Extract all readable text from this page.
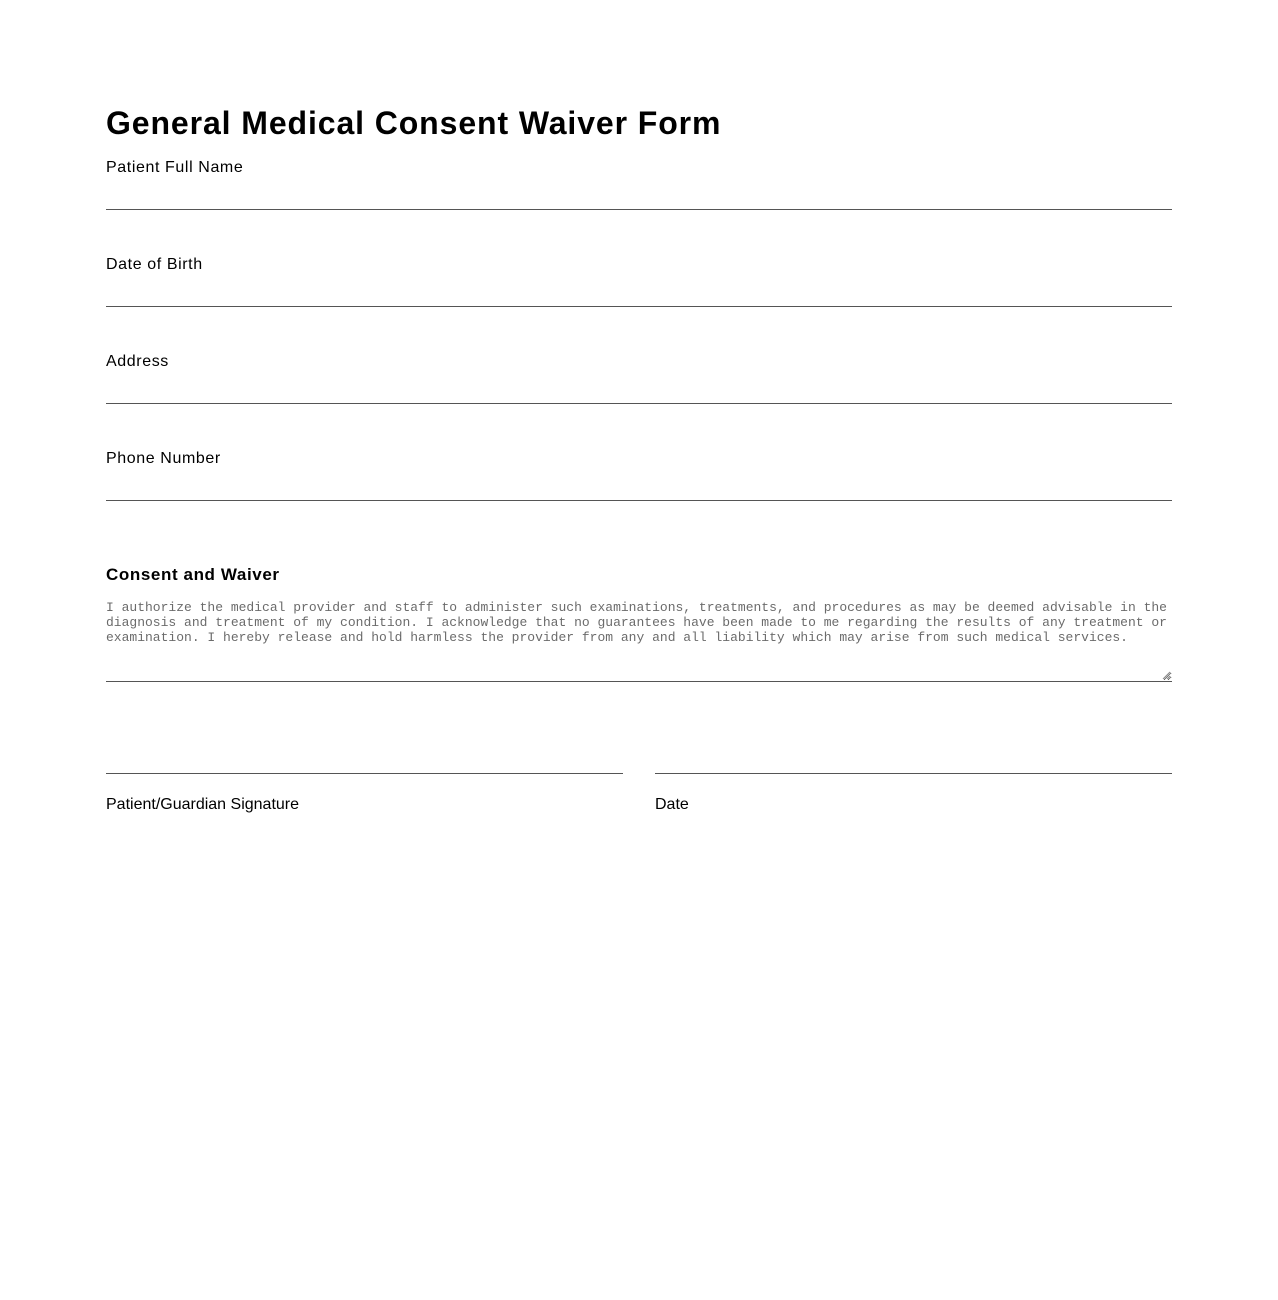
General Medical Consent Waiver Form
Patient Full Name
Date of Birth
Address
Phone Number
Consent and Waiver
I authorize the medical provider and staff to administer such examinations, treatments, and procedures as may be deemed advisable in the diagnosis and treatment of my condition. I acknowledge that no guarantees have been made to me regarding the results of any treatment or examination. I hereby release and hold harmless the provider from any and all liability which may arise from such medical services.
Patient/Guardian Signature	Date
